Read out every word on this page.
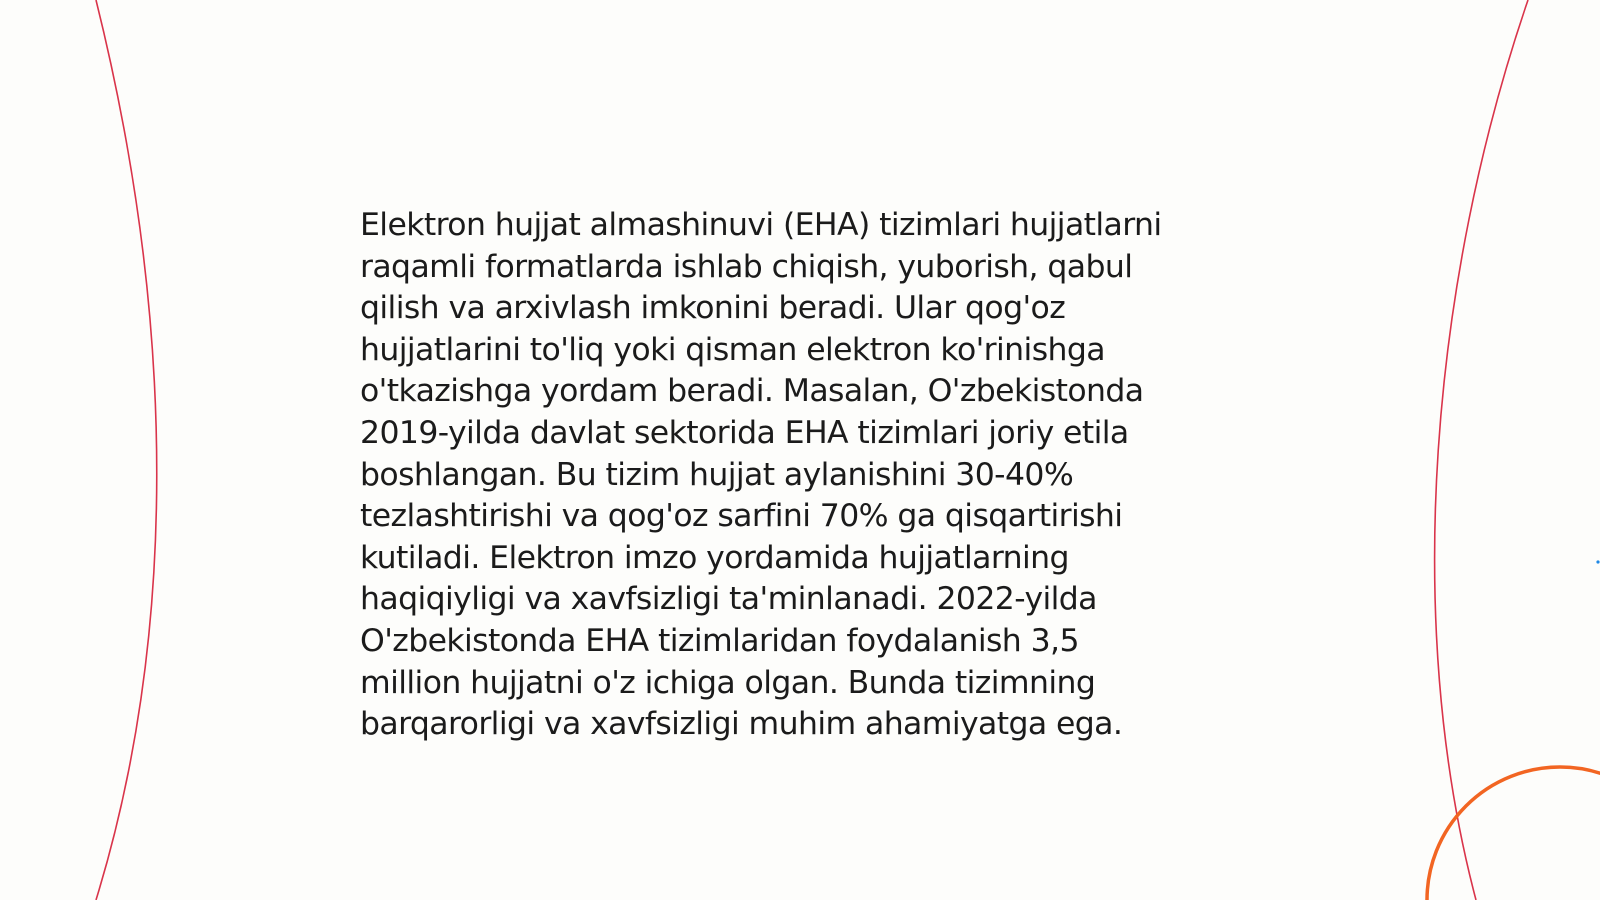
Elektron hujjat almashinuvi (EHA) tizimlari hujjatlarni
raqamli formatlarda ishlab chiqish, yuborish, qabul
qilish va arxivlash imkonini beradi. Ular qog'oz
hujjatlarini to'liq yoki qisman elektron ko'rinishga
o'tkazishga yordam beradi. Masalan, O'zbekistonda
2019-yilda davlat sektorida EHA tizimlari joriy etila
boshlangan. Bu tizim hujjat aylanishini 30-40%
tezlashtirishi va qog'oz sarfini 70% ga qisqartirishi
kutiladi. Elektron imzo yordamida hujjatlarning
haqiqiyligi va xavfsizligi ta'minlanadi. 2022-yilda
O'zbekistonda EHA tizimlaridan foydalanish 3,5
million hujjatni o'z ichiga olgan. Bunda tizimning
barqarorligi va xavfsizligi muhim ahamiyatga ega.
